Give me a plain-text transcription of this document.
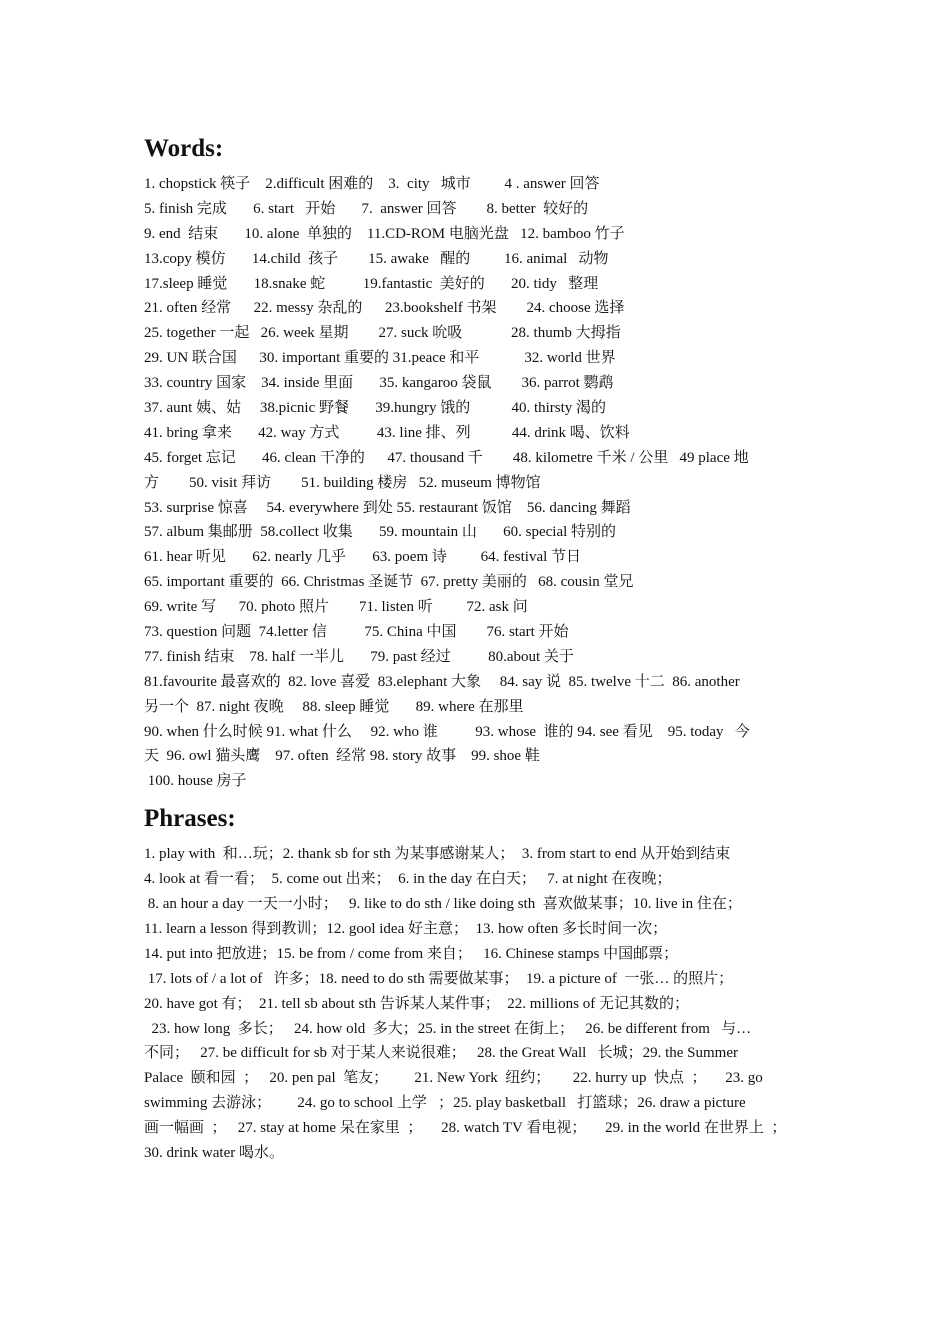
Words:
1. chopstick 筷子    2.difficult 困难的    3.  city   城市         4 . answer 回答
5. finish 完成       6. start   开始       7.  answer 回答        8. better  较好的
9. end  结束       10. alone  单独的    11.CD-ROM 电脑光盘   12. bamboo 竹子
13.copy 模仿       14.child  孩子        15. awake   醒的         16. animal   动物
17.sleep 睡觉       18.snake 蛇          19.fantastic  美好的       20. tidy   整理
21. often 经常      22. messy 杂乱的      23.bookshelf 书架        24. choose 选择
25. together 一起   26. week 星期        27. suck 吮吸             28. thumb 大拇指
29. UN 联合国      30. important 重要的 31.peace 和平            32. world 世界
33. country 国家    34. inside 里面       35. kangaroo 袋鼠        36. parrot 鹦鹉
37. aunt 姨、姑     38.picnic 野餐       39.hungry 饿的           40. thirsty 渴的
41. bring 拿来       42. way 方式          43. line 排、列           44. drink 喝、饮料
45. forget 忘记       46. clean 干净的      47. thousand 千        48. kilometre 千米 / 公里   49 place 地
方        50. visit 拜访        51. building 楼房   52. museum 博物馆
53. surprise 惊喜     54. everywhere 到处 55. restaurant 饭馆    56. dancing 舞蹈
57. album 集邮册  58.collect 收集       59. mountain 山       60. special 特别的
61. hear 听见       62. nearly 几乎       63. poem 诗         64. festival 节日
65. important 重要的  66. Christmas 圣诞节  67. pretty 美丽的   68. cousin 堂兄
69. write 写      70. photo 照片        71. listen 听         72. ask 问
73. question 问题  74.letter 信          75. China 中国        76. start 开始
77. finish 结束    78. half 一半儿       79. past 经过          80.about 关于
81.favourite 最喜欢的  82. love 喜爱  83.elephant 大象     84. say 说  85. twelve 十二  86. another
另一个  87. night 夜晚     88. sleep 睡觉       89. where 在那里
90. when 什么时候 91. what 什么     92. who 谁          93. whose  谁的 94. see 看见    95. today   今
天  96. owl 猫头鹰    97. often  经常 98. story 故事    99. shoe 鞋
100. house 房子
Phrases:
1. play with  和…玩；2. thank sb for sth 为某事感谢某人；  3. from start to end 从开始到结束
4. look at 看一看；  5. come out 出来；  6. in the day 在白天；   7. at night 在夜晚；
8. an hour a day 一天一小时；   9. like to do sth / like doing sth  喜欢做某事；10. live in 住在；
11. learn a lesson 得到教训；12. gool idea 好主意；  13. how often 多长时间一次；
14. put into 把放进；15. be from / come from 来自；   16. Chinese stamps 中国邮票；
17. lots of / a lot of   许多；18. need to do sth 需要做某事；  19. a picture of  一张… 的照片；
20. have got 有；  21. tell sb about sth 告诉某人某件事；  22. millions of 无记其数的；
23. how long  多长；   24. how old  多大；25. in the street 在街上；   26. be different from   与…
不同；   27. be difficult for sb 对于某人来说很难；   28. the Great Wall   长城；29. the Summer
Palace  颐和园  ；   20. pen pal  笔友；       21. New York  纽约；      22. hurry up  快点  ；     23. go
swimming 去游泳；       24. go to school 上学   ；25. play basketball   打篮球；26. draw a picture
画一幅画  ；   27. stay at home 呆在家里  ；     28. watch TV 看电视；     29. in the world 在世界上  ；
30. drink water 喝水。
